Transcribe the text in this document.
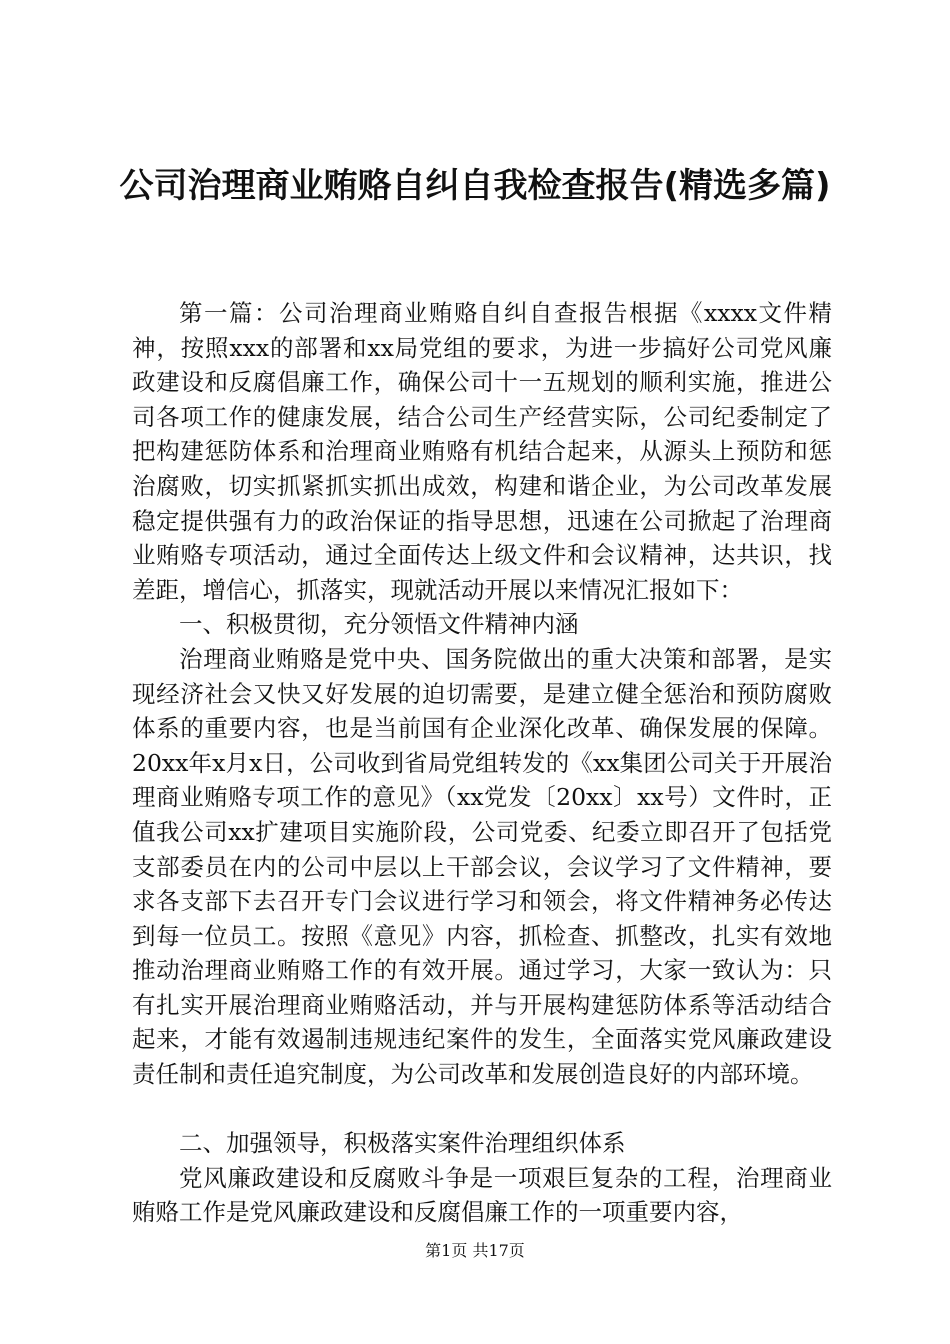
公司治理商业贿赂自纠自我检查报告(精选多篇)

第一篇：公司治理商业贿赂自纠自查报告根据《xxxx文件精神，按照xxx的部署和xx局党组的要求，为进一步搞好公司党风廉政建设和反腐倡廉工作，确保公司十一五规划的顺利实施，推进公司各项工作的健康发展，结合公司生产经营实际，公司纪委制定了把构建惩防体系和治理商业贿赂有机结合起来，从源头上预防和惩治腐败，切实抓紧抓实抓出成效，构建和谐企业，为公司改革发展稳定提供强有力的政治保证的指导思想，迅速在公司掀起了治理商业贿赂专项活动，通过全面传达上级文件和会议精神，达共识，找差距，增信心，抓落实，现就活动开展以来情况汇报如下：

一、积极贯彻，充分领悟文件精神内涵

治理商业贿赂是党中央、国务院做出的重大决策和部署，是实现经济社会又快又好发展的迫切需要，是建立健全惩治和预防腐败体系的重要内容，也是当前国有企业深化改革、确保发展的保障。20xx年x月x日，公司收到省局党组转发的《xx集团公司关于开展治理商业贿赂专项工作的意见》（xx党发〔20xx〕xx号）文件时，正值我公司xx扩建项目实施阶段，公司党委、纪委立即召开了包括党支部委员在内的公司中层以上干部会议，会议学习了文件精神，要求各支部下去召开专门会议进行学习和领会，将文件精神务必传达到每一位员工。按照《意见》内容，抓检查、抓整改，扎实有效地推动治理商业贿赂工作的有效开展。通过学习，大家一致认为：只有扎实开展治理商业贿赂活动，并与开展构建惩防体系等活动结合起来，才能有效遏制违规违纪案件的发生，全面落实党风廉政建设责任制和责任追究制度，为公司改革和发展创造良好的内部环境。

二、加强领导，积极落实案件治理组织体系

党风廉政建设和反腐败斗争是一项艰巨复杂的工程，治理商业贿赂工作是党风廉政建设和反腐倡廉工作的一项重要内容，

第1页 共17页
